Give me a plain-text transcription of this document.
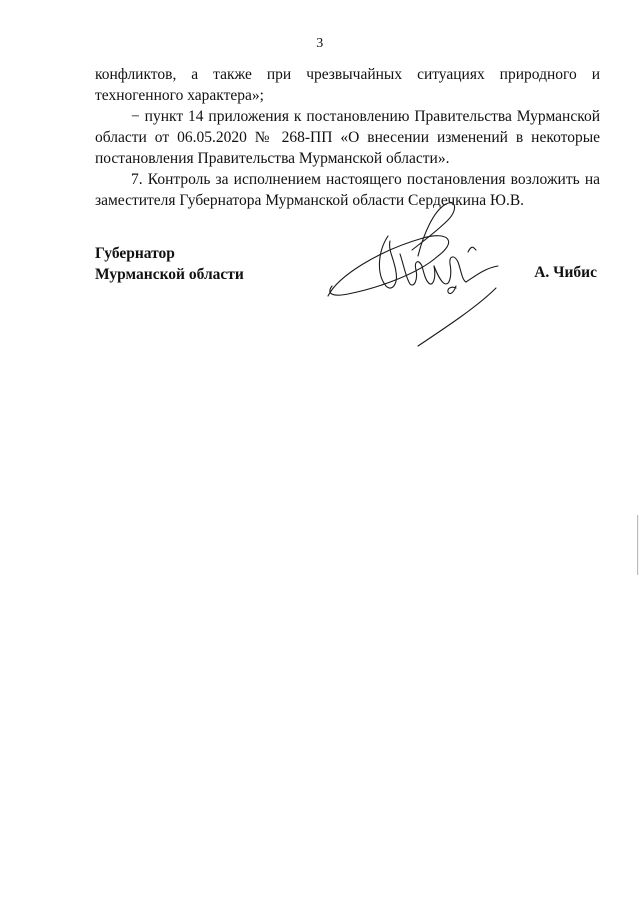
3

конфликтов, а также при чрезвычайных ситуациях природного и техногенного характера»;

− пункт 14 приложения к постановлению Правительства Мурманской области от 06.05.2020 № 268-ПП «О внесении изменений в некоторые постановления Правительства Мурманской области».

7. Контроль за исполнением настоящего постановления возложить на заместителя Губернатора Мурманской области Сердечкина Ю.В.

Губернатор
Мурманской области	А. Чибис
